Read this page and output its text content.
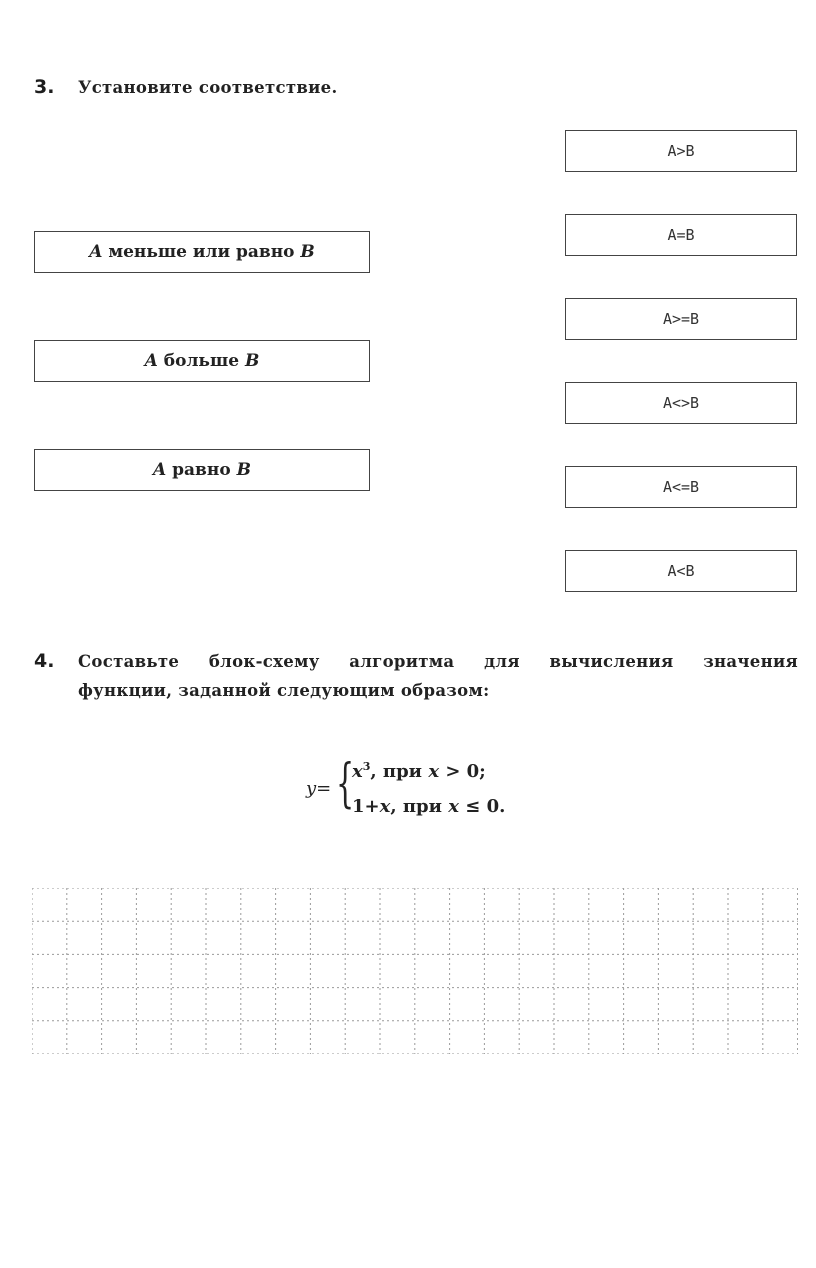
3. Установите соответствие.
A меньше или равно B
A больше B
A равно B
A>B
A=B
A>=B
A<>B
A<=B
A<B
4. Составьте блок-схему алгоритма для вычисления значения
функции, заданной следующим образом:
y= {
$x^3$, при x > 0;
1+x, при x ≤ 0.
